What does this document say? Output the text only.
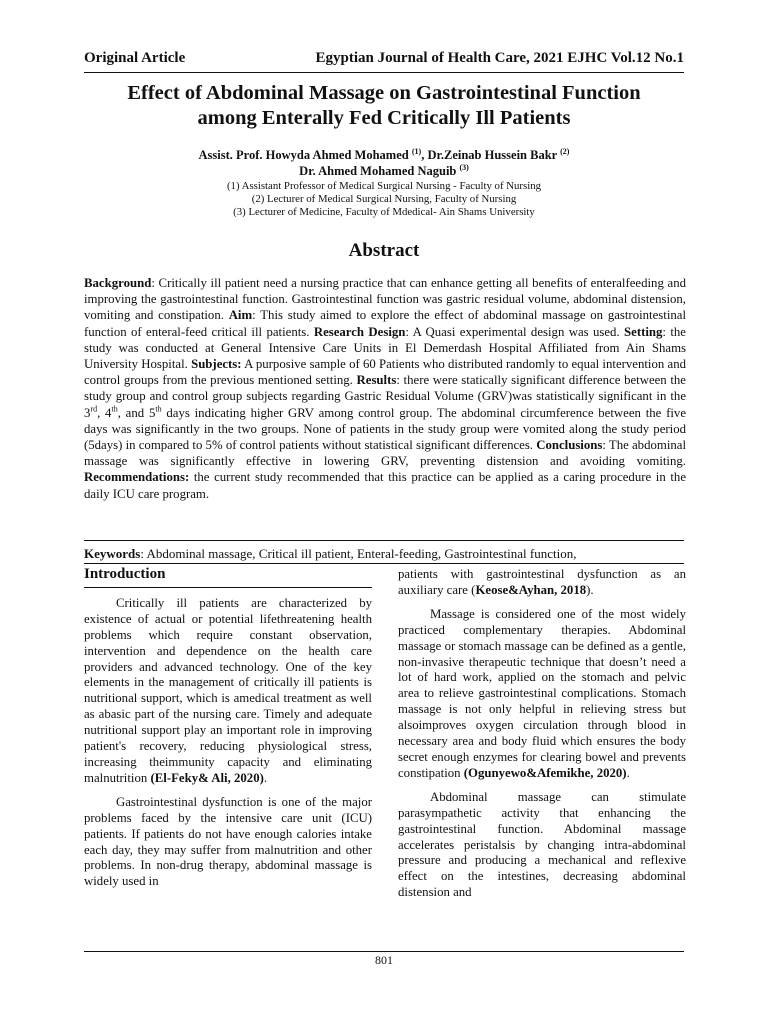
Original Article	Egyptian Journal of Health Care, 2021 EJHC Vol.12 No.1
Effect of Abdominal Massage on Gastrointestinal Function
among Enterally Fed Critically Ill Patients
Assist. Prof. Howyda Ahmed Mohamed $^{(1)}$, Dr.Zeinab Hussein Bakr $^{(2)}$
Dr. Ahmed Mohamed Naguib $^{(3)}$
(1) Assistant Professor of Medical Surgical Nursing - Faculty of Nursing
(2) Lecturer of Medical Surgical Nursing, Faculty of Nursing
(3) Lecturer of Medicine, Faculty of Mdedical- Ain Shams University
Abstract
Background: Critically ill patient need a nursing practice that can enhance getting all benefits of enteralfeeding and improving the gastrointestinal function. Gastrointestinal function was gastric residual volume, abdominal distension, vomiting and constipation. Aim: This study aimed to explore the effect of abdominal massage on gastrointestinal function of enteral-feed critical ill patients. Research Design: A Quasi experimental design was used. Setting: the study was conducted at General Intensive Care Units in El Demerdash Hospital Affiliated from Ain Shams University Hospital. Subjects: A purposive sample of 60 Patients who distributed randomly to equal intervention and control groups from the previous mentioned setting. Results: there were statically significant difference between the study group and control group subjects regarding Gastric Residual Volume (GRV)was statistically significant in the 3rd, 4th, and 5th days indicating higher GRV among control group. The abdominal circumference between the five days was significantly in the two groups. None of patients in the study group were vomited along the study period (5days) in compared to 5% of control patients without statistical significant differences. Conclusions: The abdominal massage was significantly effective in lowering GRV, preventing distension and avoiding vomiting. Recommendations: the current study recommended that this practice can be applied as a caring procedure in the daily ICU care program.
Keywords: Abdominal massage, Critical ill patient, Enteral-feeding, Gastrointestinal function,
Introduction

Critically ill patients are characterized by existence of actual or potential lifethreatening health problems which require constant observation, intervention and dependence on the health care providers and advanced technology. One of the key elements in the management of critically ill patients is nutritional support, which is amedical treatment as well as abasic part of the nursing care. Timely and adequate nutritional support play an important role in improving patient's recovery, reducing physiological stress, increasing theimmunity capacity and eliminating malnutrition (El-Feky& Ali, 2020).

Gastrointestinal dysfunction is one of the major problems faced by the intensive care unit (ICU) patients. If patients do not have enough calories intake each day, they may suffer from malnutrition and other problems. In non-drug therapy, abdominal massage is widely used in

patients with gastrointestinal dysfunction as an auxiliary care (Keose&Ayhan, 2018).

Massage is considered one of the most widely practiced complementary therapies. Abdominal massage or stomach massage can be defined as a gentle, non-invasive therapeutic technique that doesn’t need a lot of hard work, applied on the stomach and pelvic area to relieve gastrointestinal complications. Stomach massage is not only helpful in relieving stress but alsoimproves oxygen circulation through blood in necessary area and body fluid which ensures the body secret enough enzymes for clearing bowel and prevents constipation (Ogunyewo&Afemikhe, 2020).

Abdominal massage can stimulate parasympathetic activity that enhancing the gastrointestinal function. Abdominal massage accelerates peristalsis by changing intra-abdominal pressure and producing a mechanical and reflexive effect on the intestines, decreasing abdominal distension and

801
